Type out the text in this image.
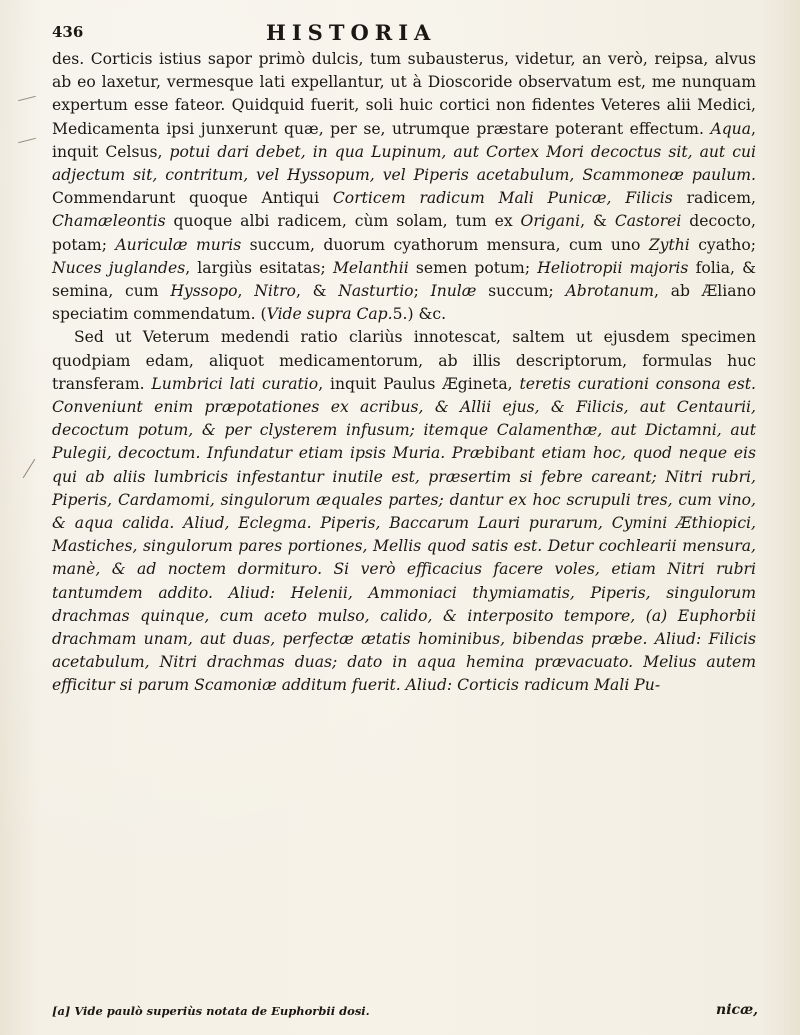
436	HISTORIA

des. Corticis istius sapor primò dulcis, tum subausterus, videtur, an verò, reipsa, alvus ab eo laxetur, vermesque lati expellantur, ut à Dioscoride observatum est, me nunquam expertum esse fateor. Quidquid fuerit, soli huic cortici non fidentes Veteres alii Medici, Medicamenta ipsi junxerunt quæ, per se, utrumque præstare poterant effectum. Aqua, inquit Celsus, potui dari debet, in qua Lupinum, aut Cortex Mori decoctus sit, aut cui adjectum sit, contritum, vel Hyssopum, vel Piperis acetabulum, Scammoneæ paulum. Commendarunt quoque Antiqui Corticem radicum Mali Punicæ, Filicis radicem, Chamæleontis quoque albi radicem, cùm solam, tum ex Origani, & Castorei decocto, potam; Auriculæ muris succum, duorum cyathorum mensura, cum uno Zythi cyatho; Nuces juglandes, largiùs esitatas; Melanthii semen potum; Heliotropii majoris folia, & semina, cum Hyssopo, Nitro, & Nasturtio; Inulæ succum; Abrotanum, ab Æliano speciatim commendatum. (Vide supra Cap.5.) &c.

Sed ut Veterum medendi ratio clariùs innotescat, saltem ut ejusdem specimen quodpiam edam, aliquot medicamentorum, ab illis descriptorum, formulas huc transferam. Lumbrici lati curatio, inquit Paulus Ægineta, teretis curationi consona est. Conveniunt enim præpotationes ex acribus, & Allii ejus, & Filicis, aut Centaurii, decoctum potum, & per clysterem infusum; itemque Calamenthæ, aut Dictamni, aut Pulegii, decoctum. Infundatur etiam ipsis Muria. Præbibant etiam hoc, quod neque eis qui ab aliis lumbricis infestantur inutile est, præsertim si febre careant; Nitri rubri, Piperis, Cardamomi, singulorum æquales partes; dantur ex hoc scrupuli tres, cum vino, & aqua calida. Aliud, Eclegma. Piperis, Baccarum Lauri purarum, Cymini Æthiopici, Mastiches, singulorum pares portiones, Mellis quod satis est. Detur cochlearii mensura, manè, & ad noctem dormituro. Si verò efficacius facere voles, etiam Nitri rubri tantumdem addito. Aliud: Helenii, Ammoniaci thymiamatis, Piperis, singulorum drachmas quinque, cum aceto mulso, calido, & interposito tempore, (a) Euphorbii drachmam unam, aut duas, perfectæ ætatis hominibus, bibendas præbe. Aliud: Filicis acetabulum, Nitri drachmas duas; dato in aqua hemina prævacuato. Melius autem efficitur si parum Scamoniæ additum fuerit. Aliud: Corticis radicum Mali Pu-

[a] Vide paulò superiùs notata de Euphorbii dosi.	nicæ,
